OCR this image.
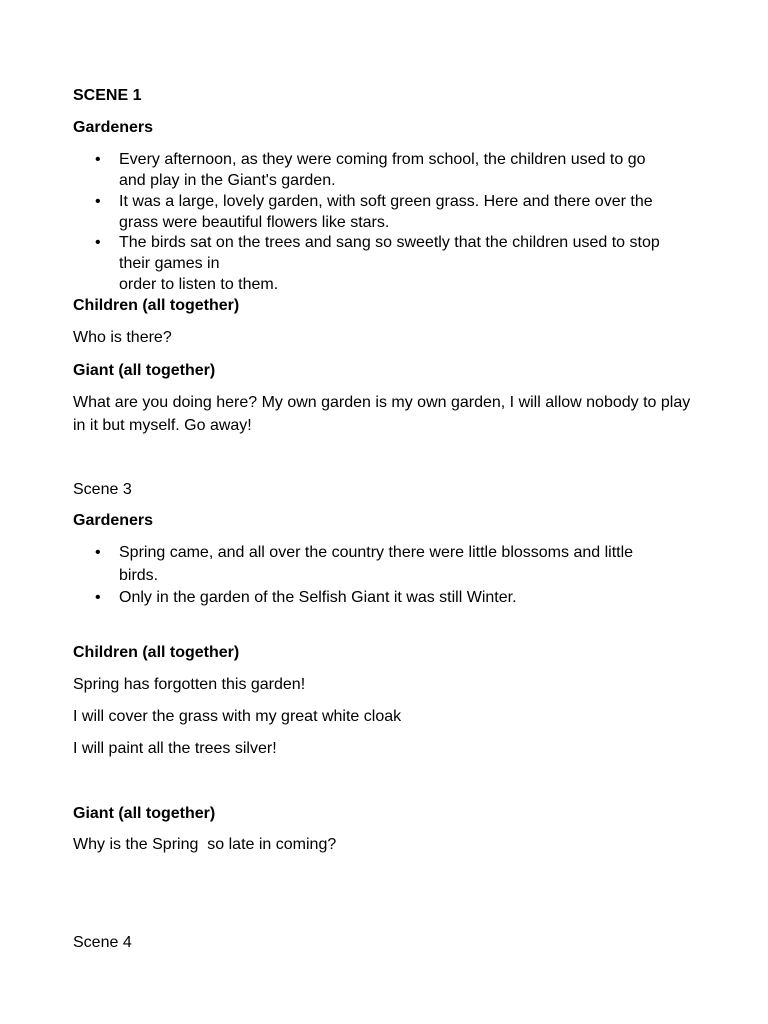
SCENE 1
Gardeners
• Every afternoon, as they were coming from school, the children used to go
and play in the Giant's garden.
• It was a large, lovely garden, with soft green grass. Here and there over the
grass were beautiful flowers like stars.
• The birds sat on the trees and sang so sweetly that the children used to stop
their games in
order to listen to them.
Children (all together)
Who is there?
Giant (all together)
What are you doing here? My own garden is my own garden, I will allow nobody to play in it but myself. Go away!
Scene 3
Gardeners
• Spring came, and all over the country there were little blossoms and little
birds.
• Only in the garden of the Selfish Giant it was still Winter.
Children (all together)
Spring has forgotten this garden!
I will cover the grass with my great white cloak
I will paint all the trees silver!
Giant (all together)
Why is the Spring  so late in coming?
Scene 4
